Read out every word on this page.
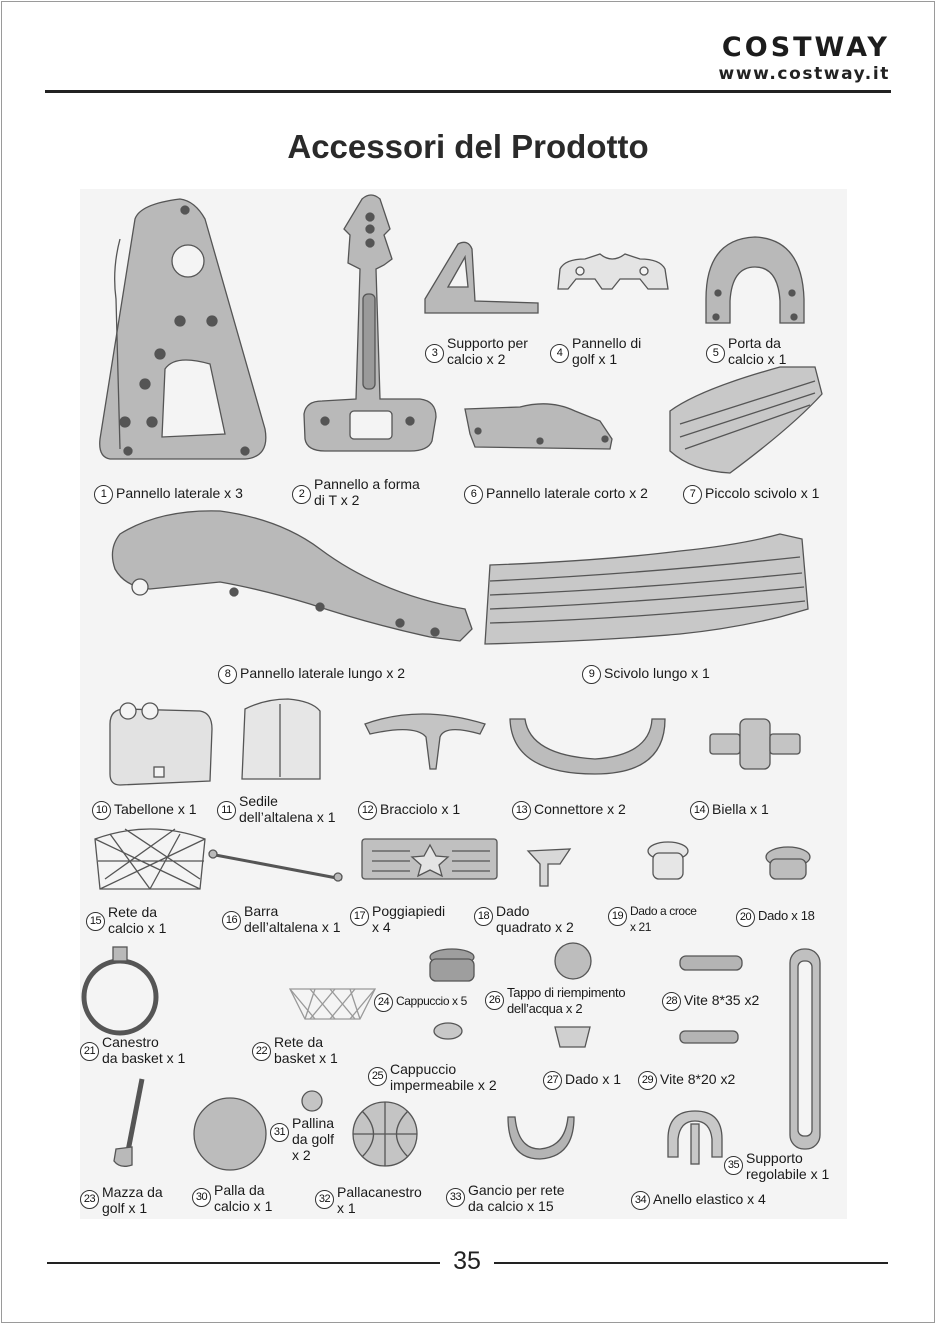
COSTWAY
www.costway.it
Accessori del Prodotto
1 Pannello laterale x 3	2
Pannello a forma
di T x 2
3
Supporto per
calcio x 2	4
Pannello di
golf x 1	5
Porta da
calcio x 1
6 Pannello laterale corto x 2	7 Piccolo scivolo x 1
8 Pannello laterale lungo x 2	9 Scivolo lungo x 1
10 Tabellone x 1	11
Sedile
dell’altalena x 1	12 Bracciolo x 1	13 Connettore x 2	14 Biella x 1
15
Rete da
calcio x 1	16
Barra
dell’altalena x 1
17 Poggiapiedi
x 4
18 Dado
quadrato x 2
19 Dado a croce
x 21
20 Dado x 18
21
Canestro
da basket x 1	22
Rete da
basket x 1
23 Mazza da
golf x 1
24 Cappuccio x 5
25 Cappuccio
impermeabile x 2
26 Tappo di riempimento
dell’acqua x 2
27 Dado x 1
28 Vite 8*35 x2
29 Vite 8*20 x2
30 Palla da
calcio x 1
31
Pallina
da golf
x 2
32 Pallacanestro
x 1
33 Gancio per rete
da calcio x 15	34 Anello elastico x 4
35 Supporto
regolabile x 1
35
